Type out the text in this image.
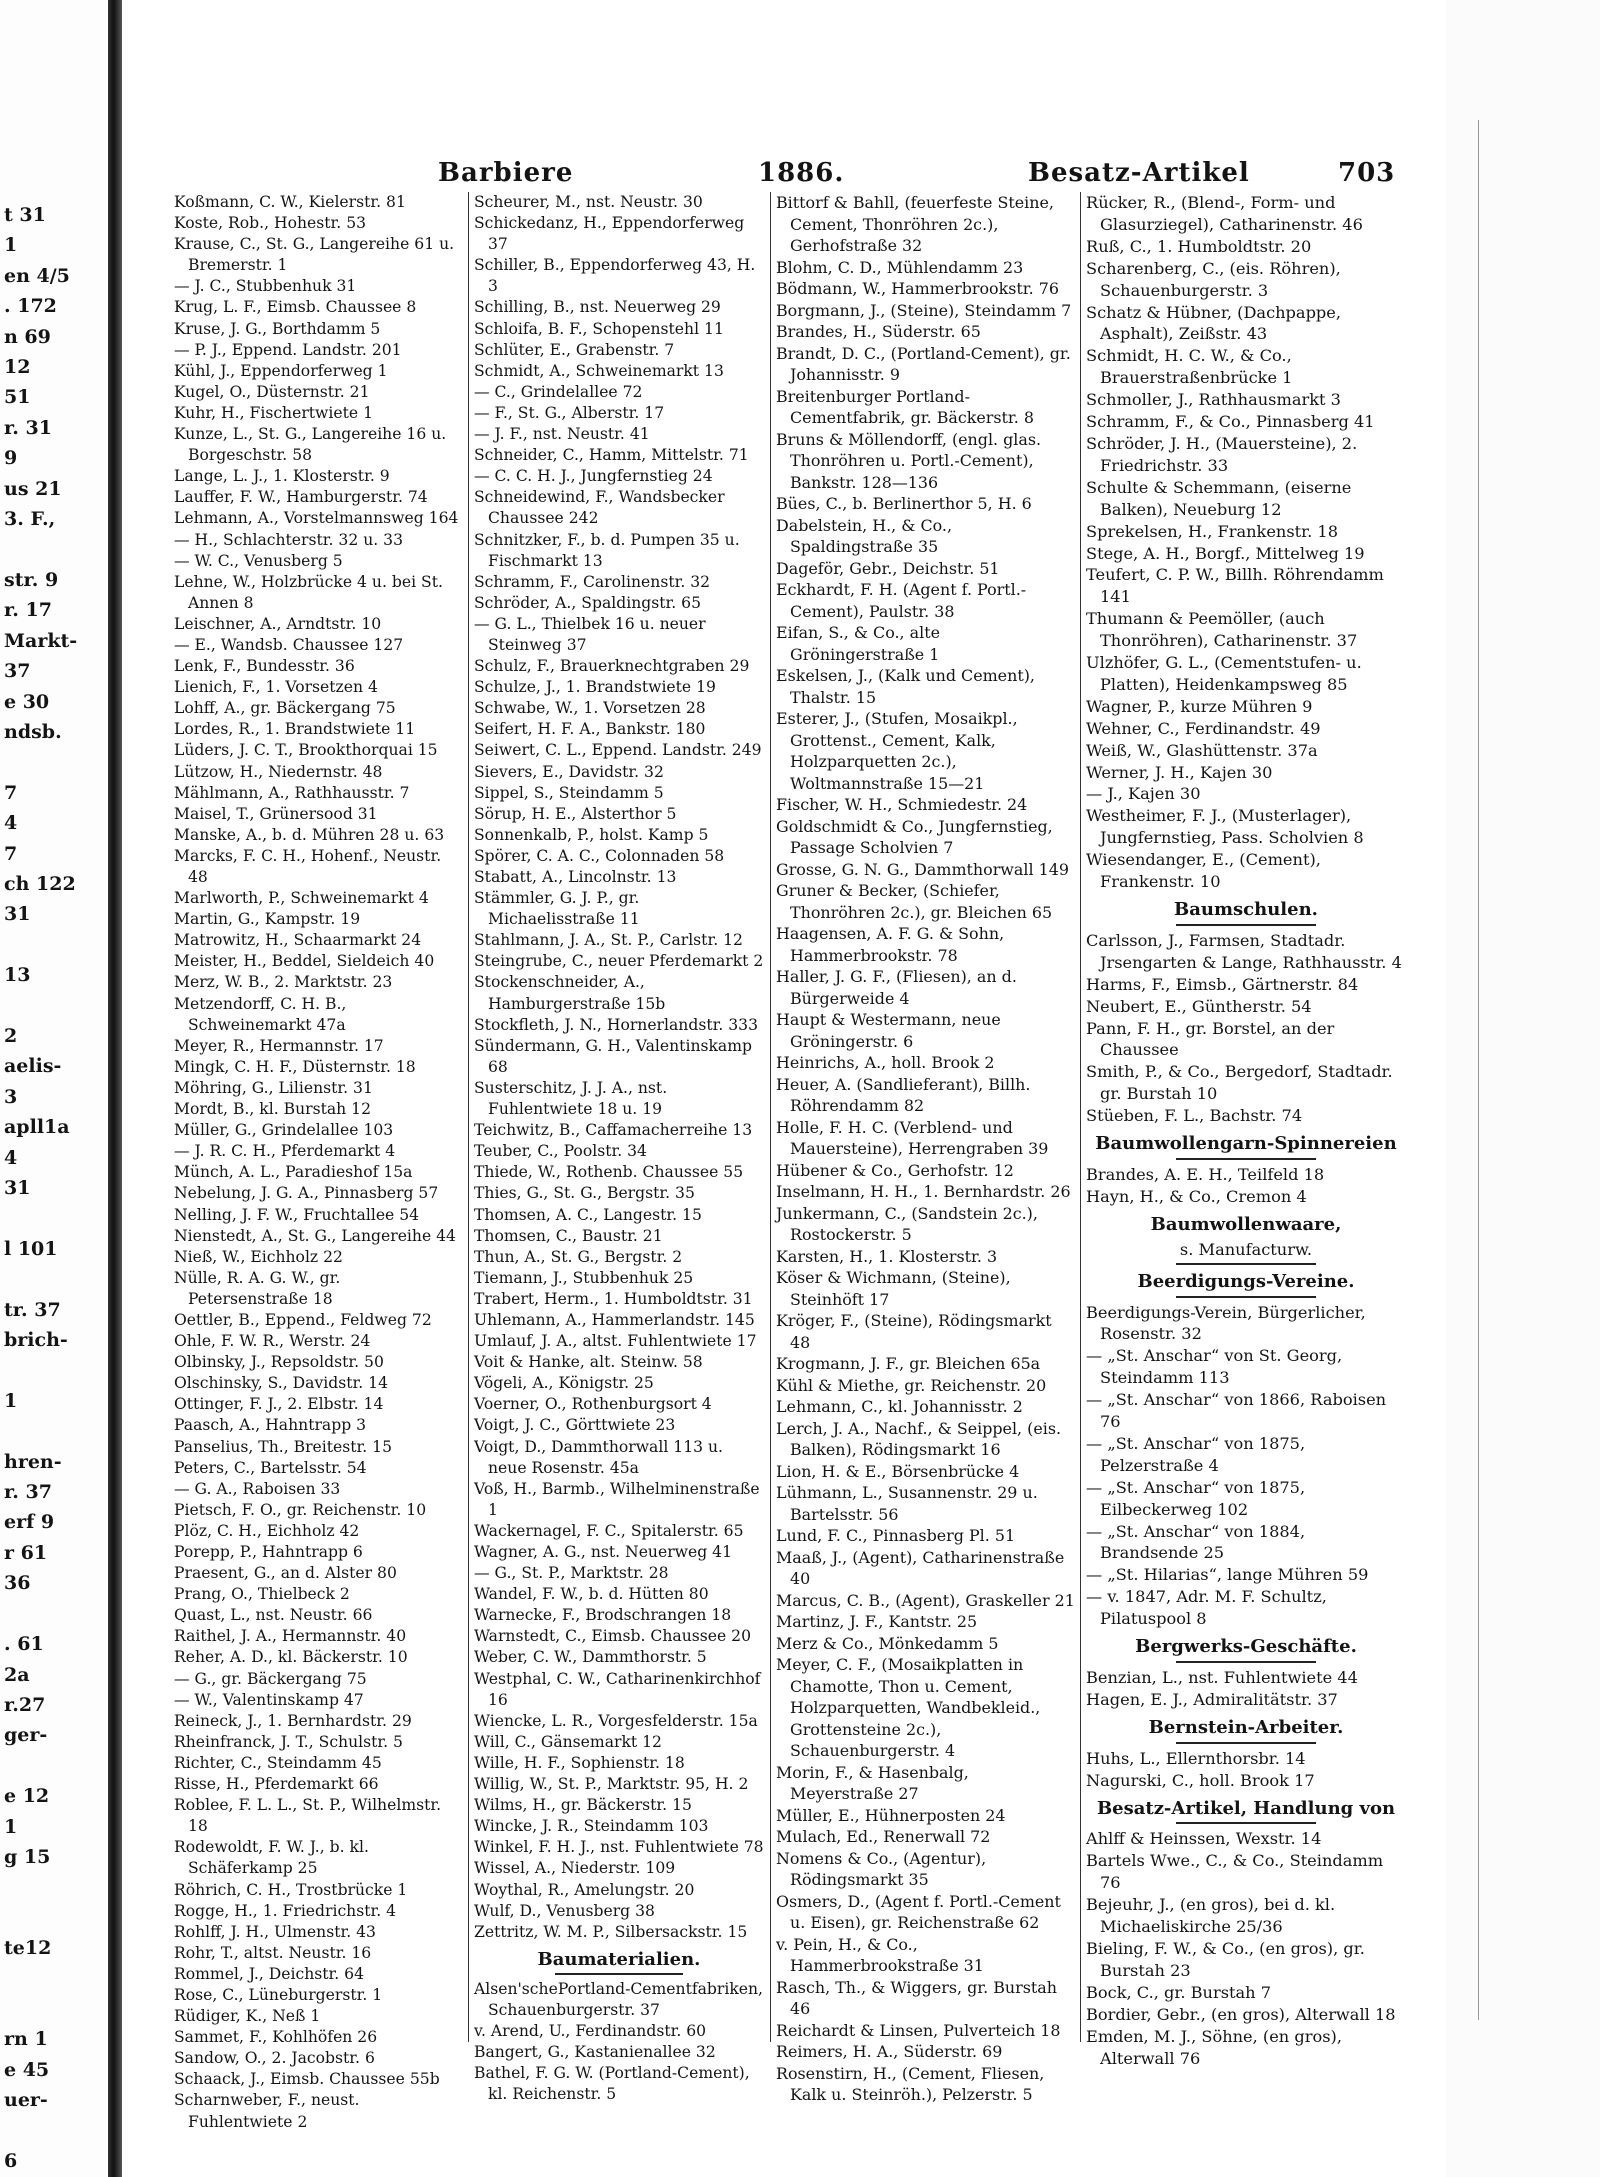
t 31
1
en 4/5
. 172
n 69
12
51
r. 31
9
us 21
3. F.,

str. 9
r. 17
Markt-
37
e 30
ndsb.

7
4
7
ch 122
31

13

2
aelis-
3
apll1a
4
31

l 101

tr. 37
brich-

1

hren-
r. 37
erf 9
r 61
36

. 61
2a
r.27
ger-

e 12
1
g 15

te12

rn 1
e 45
uer-

6
Barbiere	1886.	Besatz-Artikel	703
Koßmann, C. W., Kielerstr. 81
Koste, Rob., Hohestr. 53
Krause, C., St. G., Langereihe 61 u. Bremerstr. 1
— J. C., Stubbenhuk 31
Krug, L. F., Eimsb. Chaussee 8
Kruse, J. G., Borthdamm 5
— P. J., Eppend. Landstr. 201
Kühl, J., Eppendorferweg 1
Kugel, O., Düsternstr. 21
Kuhr, H., Fischertwiete 1
Kunze, L., St. G., Langereihe 16 u. Borgeschstr. 58
Lange, L. J., 1. Klosterstr. 9
Lauffer, F. W., Hamburgerstr. 74
Lehmann, A., Vorstelmannsweg 164
— H., Schlachterstr. 32 u. 33
— W. C., Venusberg 5
Lehne, W., Holzbrücke 4 u. bei St. Annen 8
Leischner, A., Arndtstr. 10
— E., Wandsb. Chaussee 127
Lenk, F., Bundesstr. 36
Lienich, F., 1. Vorsetzen 4
Lohff, A., gr. Bäckergang 75
Lordes, R., 1. Brandstwiete 11
Lüders, J. C. T., Brookthorquai 15
Lützow, H., Niedernstr. 48
Mählmann, A., Rathhausstr. 7
Maisel, T., Grünersood 31
Manske, A., b. d. Mühren 28 u. 63
Marcks, F. C. H., Hohenf., Neustr. 48
Marlworth, P., Schweinemarkt 4
Martin, G., Kampstr. 19
Matrowitz, H., Schaarmarkt 24
Meister, H., Beddel, Sieldeich 40
Merz, W. B., 2. Marktstr. 23
Metzendorff, C. H. B., Schweinemarkt 47a
Meyer, R., Hermannstr. 17
Mingk, C. H. F., Düsternstr. 18
Möhring, G., Lilienstr. 31
Mordt, B., kl. Burstah 12
Müller, G., Grindelallee 103
— J. R. C. H., Pferdemarkt 4
Münch, A. L., Paradieshof 15a
Nebelung, J. G. A., Pinnasberg 57
Nelling, J. F. W., Fruchtallee 54
Nienstedt, A., St. G., Langereihe 44
Nieß, W., Eichholz 22
Nülle, R. A. G. W., gr. Petersenstraße 18
Oettler, B., Eppend., Feldweg 72
Ohle, F. W. R., Werstr. 24
Olbinsky, J., Repsoldstr. 50
Olschinsky, S., Davidstr. 14
Ottinger, F. J., 2. Elbstr. 14
Paasch, A., Hahntrapp 3
Panselius, Th., Breitestr. 15
Peters, C., Bartelsstr. 54
— G. A., Raboisen 33
Pietsch, F. O., gr. Reichenstr. 10
Plöz, C. H., Eichholz 42
Porepp, P., Hahntrapp 6
Praesent, G., an d. Alster 80
Prang, O., Thielbeck 2
Quast, L., nst. Neustr. 66
Raithel, J. A., Hermannstr. 40
Reher, A. D., kl. Bäckerstr. 10
— G., gr. Bäckergang 75
— W., Valentinskamp 47
Reineck, J., 1. Bernhardstr. 29
Rheinfranck, J. T., Schulstr. 5
Richter, C., Steindamm 45
Risse, H., Pferdemarkt 66
Roblee, F. L. L., St. P., Wilhelmstr. 18
Rodewoldt, F. W. J., b. kl. Schäferkamp 25
Röhrich, C. H., Trostbrücke 1
Rogge, H., 1. Friedrichstr. 4
Rohlff, J. H., Ulmenstr. 43
Rohr, T., altst. Neustr. 16
Rommel, J., Deichstr. 64
Rose, C., Lüneburgerstr. 1
Rüdiger, K., Neß 1
Sammet, F., Kohlhöfen 26
Sandow, O., 2. Jacobstr. 6
Schaack, J., Eimsb. Chaussee 55b
Scharnweber, F., neust. Fuhlentwiete 2
Scheurer, M., nst. Neustr. 30
Schickedanz, H., Eppendorferweg 37
Schiller, B., Eppendorferweg 43, H. 3
Schilling, B., nst. Neuerweg 29
Schloifa, B. F., Schopenstehl 11
Schlüter, E., Grabenstr. 7
Schmidt, A., Schweinemarkt 13
— C., Grindelallee 72
— F., St. G., Alberstr. 17
— J. F., nst. Neustr. 41
Schneider, C., Hamm, Mittelstr. 71
— C. C. H. J., Jungfernstieg 24
Schneidewind, F., Wandsbecker Chaussee 242
Schnitzker, F., b. d. Pumpen 35 u. Fischmarkt 13
Schramm, F., Carolinenstr. 32
Schröder, A., Spaldingstr. 65
— G. L., Thielbek 16 u. neuer Steinweg 37
Schulz, F., Brauerknechtgraben 29
Schulze, J., 1. Brandstwiete 19
Schwabe, W., 1. Vorsetzen 28
Seifert, H. F. A., Bankstr. 180
Seiwert, C. L., Eppend. Landstr. 249
Sievers, E., Davidstr. 32
Sippel, S., Steindamm 5
Sörup, H. E., Alsterthor 5
Sonnenkalb, P., holst. Kamp 5
Spörer, C. A. C., Colonnaden 58
Stabatt, A., Lincolnstr. 13
Stämmler, G. J. P., gr. Michaelisstraße 11
Stahlmann, J. A., St. P., Carlstr. 12
Steingrube, C., neuer Pferdemarkt 2
Stockenschneider, A., Hamburgerstraße 15b
Stockfleth, J. N., Hornerlandstr. 333
Sündermann, G. H., Valentinskamp 68
Susterschitz, J. J. A., nst. Fuhlentwiete 18 u. 19
Teichwitz, B., Caffamacherreihe 13
Teuber, C., Poolstr. 34
Thiede, W., Rothenb. Chaussee 55
Thies, G., St. G., Bergstr. 35
Thomsen, A. C., Langestr. 15
Thomsen, C., Baustr. 21
Thun, A., St. G., Bergstr. 2
Tiemann, J., Stubbenhuk 25
Trabert, Herm., 1. Humboldtstr. 31
Uhlemann, A., Hammerlandstr. 145
Umlauf, J. A., altst. Fuhlentwiete 17
Voit & Hanke, alt. Steinw. 58
Vögeli, A., Königstr. 25
Voerner, O., Rothenburgsort 4
Voigt, J. C., Görttwiete 23
Voigt, D., Dammthorwall 113 u. neue Rosenstr. 45a
Voß, H., Barmb., Wilhelminenstraße 1
Wackernagel, F. C., Spitalerstr. 65
Wagner, A. G., nst. Neuerweg 41
— G., St. P., Marktstr. 28
Wandel, F. W., b. d. Hütten 80
Warnecke, F., Brodschrangen 18
Warnstedt, C., Eimsb. Chaussee 20
Weber, C. W., Dammthorstr. 5
Westphal, C. W., Catharinenkirchhof 16
Wiencke, L. R., Vorgesfelderstr. 15a
Will, C., Gänsemarkt 12
Wille, H. F., Sophienstr. 18
Willig, W., St. P., Marktstr. 95, H. 2
Wilms, H., gr. Bäckerstr. 15
Wincke, J. R., Steindamm 103
Winkel, F. H. J., nst. Fuhlentwiete 78
Wissel, A., Niederstr. 109
Woythal, R., Amelungstr. 20
Wulf, D., Venusberg 38
Zettritz, W. M. P., Silbersackstr. 15
Baumaterialien.
Alsen'schePortland-Cementfabriken, Schauenburgerstr. 37
v. Arend, U., Ferdinandstr. 60
Bangert, G., Kastanienallee 32
Bathel, F. G. W. (Portland-Cement), kl. Reichenstr. 5
Bittorf & Bahll, (feuerfeste Steine, Cement, Thonröhren 2c.), Gerhofstraße 32
Blohm, C. D., Mühlendamm 23
Bödmann, W., Hammerbrookstr. 76
Borgmann, J., (Steine), Steindamm 7
Brandes, H., Süderstr. 65
Brandt, D. C., (Portland-Cement), gr. Johannisstr. 9
Breitenburger Portland-Cementfabrik, gr. Bäckerstr. 8
Bruns & Möllendorff, (engl. glas. Thonröhren u. Portl.-Cement), Bankstr. 128—136
Bües, C., b. Berlinerthor 5, H. 6
Dabelstein, H., & Co., Spaldingstraße 35
Dageför, Gebr., Deichstr. 51
Eckhardt, F. H. (Agent f. Portl.-Cement), Paulstr. 38
Eifan, S., & Co., alte Gröningerstraße 1
Eskelsen, J., (Kalk und Cement), Thalstr. 15
Esterer, J., (Stufen, Mosaikpl., Grottenst., Cement, Kalk, Holzparquetten 2c.), Woltmannstraße 15—21
Fischer, W. H., Schmiedestr. 24
Goldschmidt & Co., Jungfernstieg, Passage Scholvien 7
Grosse, G. N. G., Dammthorwall 149
Gruner & Becker, (Schiefer, Thonröhren 2c.), gr. Bleichen 65
Haagensen, A. F. G. & Sohn, Hammerbrookstr. 78
Haller, J. G. F., (Fliesen), an d. Bürgerweide 4
Haupt & Westermann, neue Gröningerstr. 6
Heinrichs, A., holl. Brook 2
Heuer, A. (Sandlieferant), Billh. Röhrendamm 82
Holle, F. H. C. (Verblend- und Mauersteine), Herrengraben 39
Hübener & Co., Gerhofstr. 12
Inselmann, H. H., 1. Bernhardstr. 26
Junkermann, C., (Sandstein 2c.), Rostockerstr. 5
Karsten, H., 1. Klosterstr. 3
Köser & Wichmann, (Steine), Steinhöft 17
Kröger, F., (Steine), Rödingsmarkt 48
Krogmann, J. F., gr. Bleichen 65a
Kühl & Miethe, gr. Reichenstr. 20
Lehmann, C., kl. Johannisstr. 2
Lerch, J. A., Nachf., & Seippel, (eis. Balken), Rödingsmarkt 16
Lion, H. & E., Börsenbrücke 4
Lühmann, L., Susannenstr. 29 u. Bartelsstr. 56
Lund, F. C., Pinnasberg Pl. 51
Maaß, J., (Agent), Catharinenstraße 40
Marcus, C. B., (Agent), Graskeller 21
Martinz, J. F., Kantstr. 25
Merz & Co., Mönkedamm 5
Meyer, C. F., (Mosaikplatten in Chamotte, Thon u. Cement, Holzparquetten, Wandbekleid., Grottensteine 2c.), Schauenburgerstr. 4
Morin, F., & Hasenbalg, Meyerstraße 27
Müller, E., Hühnerposten 24
Mulach, Ed., Renerwall 72
Nomens & Co., (Agentur), Rödingsmarkt 35
Osmers, D., (Agent f. Portl.-Cement u. Eisen), gr. Reichenstraße 62
v. Pein, H., & Co., Hammerbrookstraße 31
Rasch, Th., & Wiggers, gr. Burstah 46
Reichardt & Linsen, Pulverteich 18
Reimers, H. A., Süderstr. 69
Rosenstirn, H., (Cement, Fliesen, Kalk u. Steinröh.), Pelzerstr. 5
Rücker, R., (Blend-, Form- und Glasurziegel), Catharinenstr. 46
Ruß, C., 1. Humboldtstr. 20
Scharenberg, C., (eis. Röhren), Schauenburgerstr. 3
Schatz & Hübner, (Dachpappe, Asphalt), Zeißstr. 43
Schmidt, H. C. W., & Co., Brauerstraßenbrücke 1
Schmoller, J., Rathhausmarkt 3
Schramm, F., & Co., Pinnasberg 41
Schröder, J. H., (Mauersteine), 2. Friedrichstr. 33
Schulte & Schemmann, (eiserne Balken), Neueburg 12
Sprekelsen, H., Frankenstr. 18
Stege, A. H., Borgf., Mittelweg 19
Teufert, C. P. W., Billh. Röhrendamm 141
Thumann & Peemöller, (auch Thonröhren), Catharinenstr. 37
Ulzhöfer, G. L., (Cementstufen- u. Platten), Heidenkampsweg 85
Wagner, P., kurze Mühren 9
Wehner, C., Ferdinandstr. 49
Weiß, W., Glashüttenstr. 37a
Werner, J. H., Kajen 30
— J., Kajen 30
Westheimer, F. J., (Musterlager), Jungfernstieg, Pass. Scholvien 8
Wiesendanger, E., (Cement), Frankenstr. 10
Baumschulen.
Carlsson, J., Farmsen, Stadtadr. Jrsengarten & Lange, Rathhausstr. 4
Harms, F., Eimsb., Gärtnerstr. 84
Neubert, E., Güntherstr. 54
Pann, F. H., gr. Borstel, an der Chaussee
Smith, P., & Co., Bergedorf, Stadtadr. gr. Burstah 10
Stüeben, F. L., Bachstr. 74
Baumwollengarn-Spinnereien
Brandes, A. E. H., Teilfeld 18
Hayn, H., & Co., Cremon 4
Baumwollenwaare,
s. Manufacturw.
Beerdigungs-Vereine.
Beerdigungs-Verein, Bürgerlicher, Rosenstr. 32
— „St. Anschar“ von St. Georg, Steindamm 113
— „St. Anschar“ von 1866, Raboisen 76
— „St. Anschar“ von 1875, Pelzerstraße 4
— „St. Anschar“ von 1875, Eilbeckerweg 102
— „St. Anschar“ von 1884, Brandsende 25
— „St. Hilarias“, lange Mühren 59
— v. 1847, Adr. M. F. Schultz, Pilatuspool 8
Bergwerks-Geschäfte.
Benzian, L., nst. Fuhlentwiete 44
Hagen, E. J., Admiralitätstr. 37
Bernstein-Arbeiter.
Huhs, L., Ellernthorsbr. 14
Nagurski, C., holl. Brook 17
Besatz-Artikel, Handlung von
Ahlff & Heinssen, Wexstr. 14
Bartels Wwe., C., & Co., Steindamm 76
Bejeuhr, J., (en gros), bei d. kl. Michaeliskirche 25/36
Bieling, F. W., & Co., (en gros), gr. Burstah 23
Bock, C., gr. Burstah 7
Bordier, Gebr., (en gros), Alterwall 18
Emden, M. J., Söhne, (en gros), Alterwall 76
